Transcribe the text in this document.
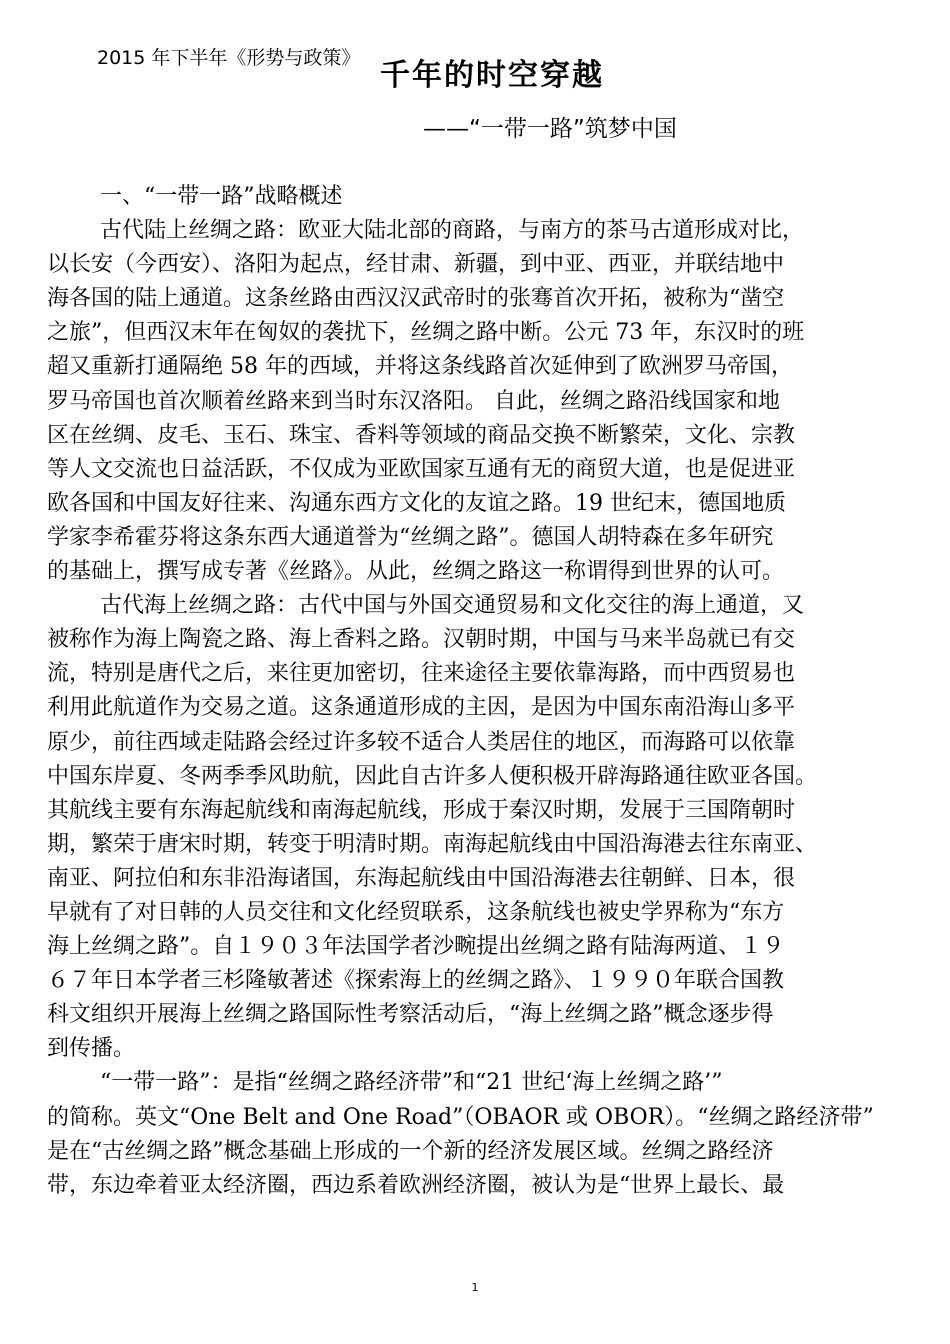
2015 年下半年《形势与政策》 千年的时空穿越
——“一带一路”筑梦中国

一、“一带一路”战略概述

古代陆上丝绸之路：欧亚大陆北部的商路，与南方的茶马古道形成对比，
以长安（今西安）、洛阳为起点，经甘肃、新疆，到中亚、西亚，并联结地中
海各国的陆上通道。这条丝路由西汉汉武帝时的张骞首次开拓，被称为“凿空
之旅”，但西汉末年在匈奴的袭扰下，丝绸之路中断。公元 73 年，东汉时的班
超又重新打通隔绝 58 年的西域，并将这条线路首次延伸到了欧洲罗马帝国，
罗马帝国也首次顺着丝路来到当时东汉洛阳。 自此，丝绸之路沿线国家和地
区在丝绸、皮毛、玉石、珠宝、香料等领域的商品交换不断繁荣，文化、宗教
等人文交流也日益活跃，不仅成为亚欧国家互通有无的商贸大道，也是促进亚
欧各国和中国友好往来、沟通东西方文化的友谊之路。19 世纪末，德国地质
学家李希霍芬将这条东西大通道誉为“丝绸之路”。德国人胡特森在多年研究
的基础上，撰写成专著《丝路》。从此，丝绸之路这一称谓得到世界的认可。

古代海上丝绸之路：古代中国与外国交通贸易和文化交往的海上通道，又
被称作为海上陶瓷之路、海上香料之路。汉朝时期，中国与马来半岛就已有交
流，特别是唐代之后，来往更加密切，往来途径主要依靠海路，而中西贸易也
利用此航道作为交易之道。这条通道形成的主因，是因为中国东南沿海山多平
原少，前往西域走陆路会经过许多较不适合人类居住的地区，而海路可以依靠
中国东岸夏、冬两季季风助航，因此自古许多人便积极开辟海路通往欧亚各国。
其航线主要有东海起航线和南海起航线，形成于秦汉时期，发展于三国隋朝时
期，繁荣于唐宋时期，转变于明清时期。南海起航线由中国沿海港去往东南亚、
南亚、阿拉伯和东非沿海诸国，东海起航线由中国沿海港去往朝鲜、日本，很
早就有了对日韩的人员交往和文化经贸联系，这条航线也被史学界称为“东方
海上丝绸之路”。自１９０３年法国学者沙畹提出丝绸之路有陆海两道、１９
６７年日本学者三杉隆敏著述《探索海上的丝绸之路》、１９９０年联合国教
科文组织开展海上丝绸之路国际性考察活动后，“海上丝绸之路”概念逐步得
到传播。

“一带一路”：是指“丝绸之路经济带”和“21 世纪‘海上丝绸之路’”
的简称。英文“One Belt and One Road”（OBAOR 或 OBOR）。“丝绸之路经济带”
是在“古丝绸之路”概念基础上形成的一个新的经济发展区域。丝绸之路经济
带，东边牵着亚太经济圈，西边系着欧洲经济圈，被认为是“世界上最长、最

1
